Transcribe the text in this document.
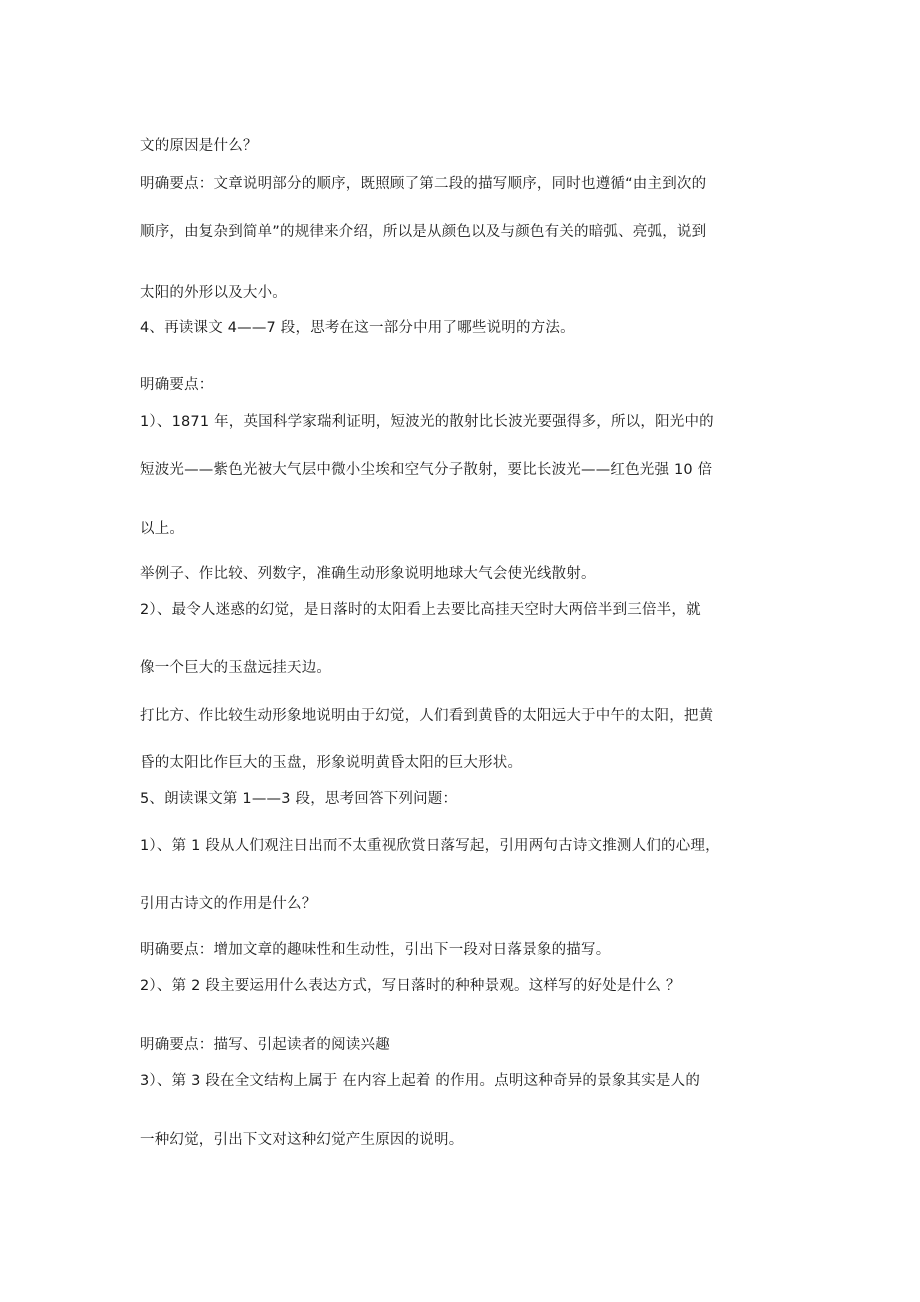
文的原因是什么？
明确要点：文章说明部分的顺序，既照顾了第二段的描写顺序，同时也遵循“由主到次的
顺序，由复杂到简单”的规律来介绍，所以是从颜色以及与颜色有关的暗弧、亮弧，说到
太阳的外形以及大小。
4、再读课文 4——7 段，思考在这一部分中用了哪些说明的方法。
明确要点：
1）、1871 年，英国科学家瑞利证明，短波光的散射比长波光要强得多，所以，阳光中的
短波光——紫色光被大气层中微小尘埃和空气分子散射，要比长波光——红色光强 10 倍
以上。
举例子、作比较、列数字，准确生动形象说明地球大气会使光线散射。
2）、最令人迷惑的幻觉，是日落时的太阳看上去要比高挂天空时大两倍半到三倍半，就
像一个巨大的玉盘远挂天边。
打比方、作比较生动形象地说明由于幻觉，人们看到黄昏的太阳远大于中午的太阳，把黄
昏的太阳比作巨大的玉盘，形象说明黄昏太阳的巨大形状。
5、朗读课文第 1——3 段，思考回答下列问题：
1）、第 1 段从人们观注日出而不太重视欣赏日落写起，引用两句古诗文推测人们的心理，
引用古诗文的作用是什么？
明确要点：增加文章的趣味性和生动性，引出下一段对日落景象的描写。
2）、第 2 段主要运用什么表达方式，写日落时的种种景观。这样写的好处是什么 ？
明确要点：描写、引起读者的阅读兴趣
3）、第 3 段在全文结构上属于 在内容上起着 的作用。点明这种奇异的景象其实是人的
一种幻觉，引出下文对这种幻觉产生原因的说明。
